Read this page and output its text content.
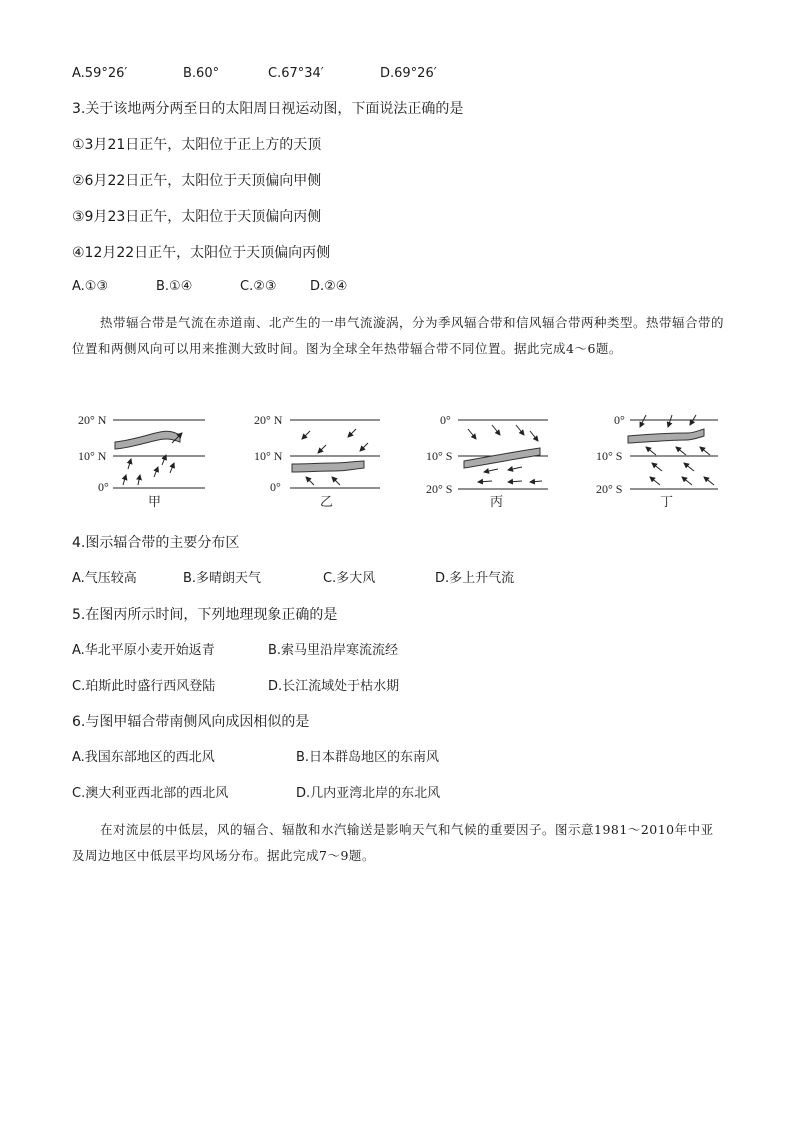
A.59°26′	B.60°	C.67°34′	D.69°26′
3.关于该地两分两至日的太阳周日视运动图，下面说法正确的是
①3月21日正午，太阳位于正上方的天顶
②6月22日正午，太阳位于天顶偏向甲侧
③9月23日正午，太阳位于天顶偏向丙侧
④12月22日正午，太阳位于天顶偏向丙侧
A.①③	B.①④	C.②③	D.②④
热带辐合带是气流在赤道南、北产生的一串气流漩涡，分为季风辐合带和信风辐合带两种类型。热带辐合带的位置和两侧风向可以用来推测大致时间。图为全球全年热带辐合带不同位置。据此完成4～6题。
20° N
10° N
0°
甲
20° N
10° N
0°
乙
0°
10° S
20° S
丙
0°
10° S
20° S
丁
4.图示辐合带的主要分布区
A.气压较高	B.多晴朗天气	C.多大风	D.多上升气流
5.在图丙所示时间，下列地理现象正确的是
A.华北平原小麦开始返青	B.索马里沿岸寒流流经
C.珀斯此时盛行西风登陆	D.长江流域处于枯水期
6.与图甲辐合带南侧风向成因相似的是
A.我国东部地区的西北风	B.日本群岛地区的东南风
C.澳大利亚西北部的西北风	D.几内亚湾北岸的东北风
在对流层的中低层，风的辐合、辐散和水汽输送是影响天气和气候的重要因子。图示意1981～2010年中亚及周边地区中低层平均风场分布。据此完成7～9题。
